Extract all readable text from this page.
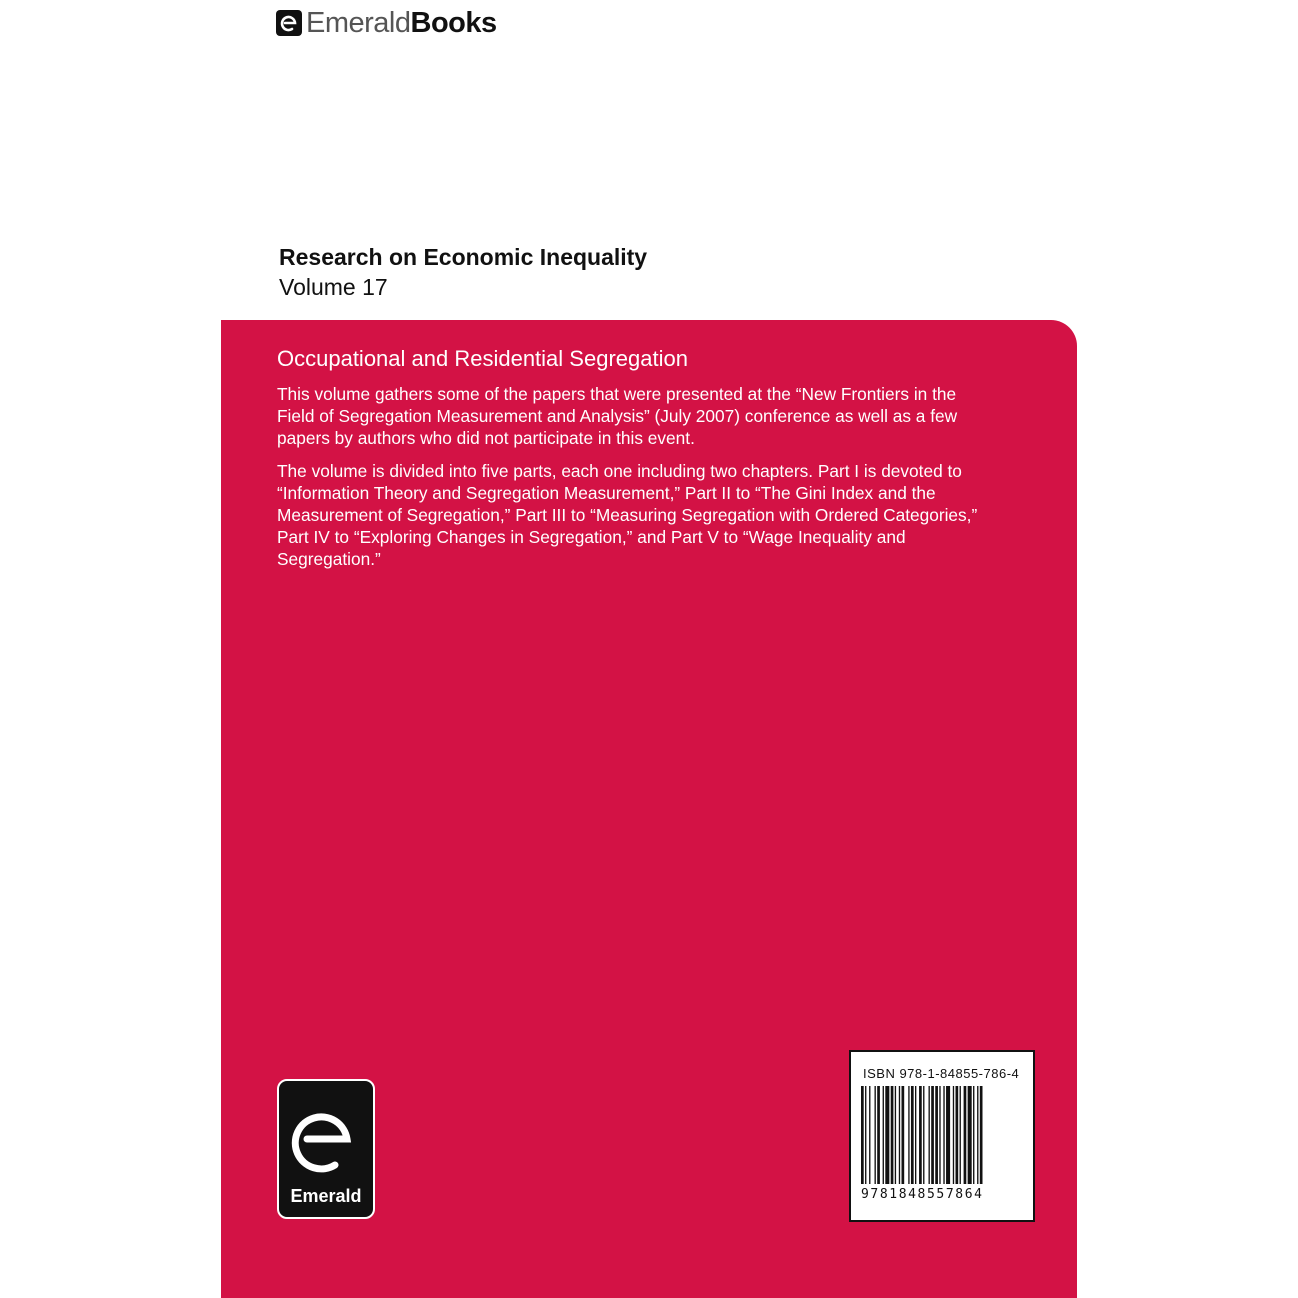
EmeraldBooks
Research on Economic Inequality
Volume 17
Occupational and Residential Segregation

This volume gathers some of the papers that were presented at the “New Frontiers in the
Field of Segregation Measurement and Analysis” (July 2007) conference as well as a few
papers by authors who did not participate in this event.

The volume is divided into five parts, each one including two chapters. Part I is devoted to
“Information Theory and Segregation Measurement,” Part II to “The Gini Index and the
Measurement of Segregation,” Part III to “Measuring Segregation with Ordered Categories,”
Part IV to “Exploring Changes in Segregation,” and Part V to “Wage Inequality and
Segregation.”

Emerald
ISBN 978-1-84855-786-4
9781848557864
